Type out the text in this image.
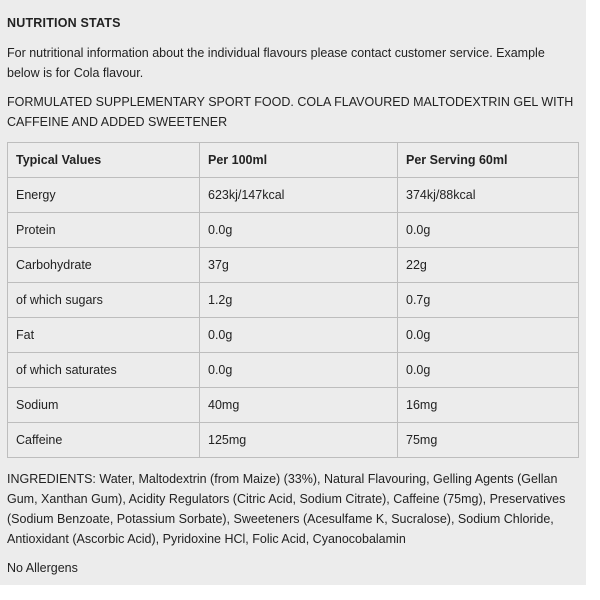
NUTRITION STATS
For nutritional information about the individual flavours please contact customer service. Example below is for Cola flavour.
FORMULATED SUPPLEMENTARY SPORT FOOD. COLA FLAVOURED MALTODEXTRIN GEL WITH CAFFEINE AND ADDED SWEETENER
Typical Values	Per 100ml	Per Serving 60ml
Energy	623kj/147kcal	374kj/88kcal
Protein	0.0g	0.0g
Carbohydrate	37g	22g
of which sugars	1.2g	0.7g
Fat	0.0g	0.0g
of which saturates	0.0g	0.0g
Sodium	40mg	16mg
Caffeine	125mg	75mg
INGREDIENTS: Water, Maltodextrin (from Maize) (33%), Natural Flavouring, Gelling Agents (Gellan Gum, Xanthan Gum), Acidity Regulators (Citric Acid, Sodium Citrate), Caffeine (75mg), Preservatives (Sodium Benzoate, Potassium Sorbate), Sweeteners (Acesulfame K, Sucralose), Sodium Chloride, Antioxidant (Ascorbic Acid), Pyridoxine HCl, Folic Acid, Cyanocobalamin
No Allergens
